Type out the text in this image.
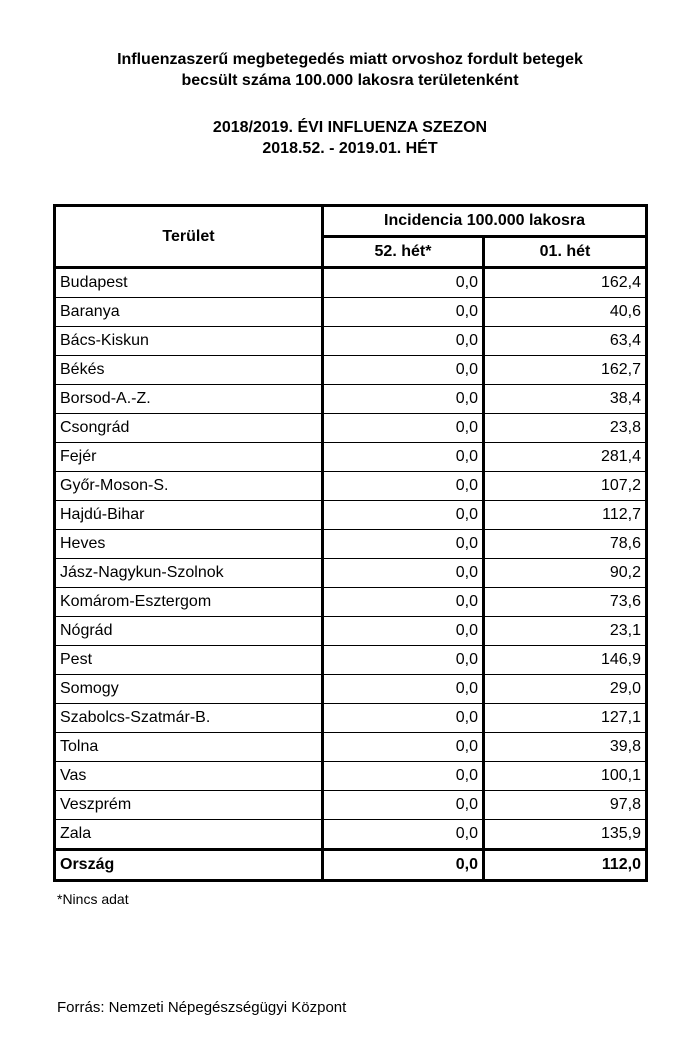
Influenzaszerű megbetegedés miatt orvoshoz fordult betegek
becsült száma 100.000 lakosra területenként
2018/2019. ÉVI INFLUENZA SZEZON
2018.52. - 2019.01. HÉT
Terület	Incidencia 100.000 lakosra	
	52. hét*	01. hét
Budapest	0,0	162,4
Baranya	0,0	40,6
Bács-Kiskun	0,0	63,4
Békés	0,0	162,7
Borsod-A.-Z.	0,0	38,4
Csongrád	0,0	23,8
Fejér	0,0	281,4
Győr-Moson-S.	0,0	107,2
Hajdú-Bihar	0,0	112,7
Heves	0,0	78,6
Jász-Nagykun-Szolnok	0,0	90,2
Komárom-Esztergom	0,0	73,6
Nógrád	0,0	23,1
Pest	0,0	146,9
Somogy	0,0	29,0
Szabolcs-Szatmár-B.	0,0	127,1
Tolna	0,0	39,8
Vas	0,0	100,1
Veszprém	0,0	97,8
Zala	0,0	135,9
Ország	0,0	112,0
*Nincs adat
Forrás: Nemzeti Népegészségügyi Központ
